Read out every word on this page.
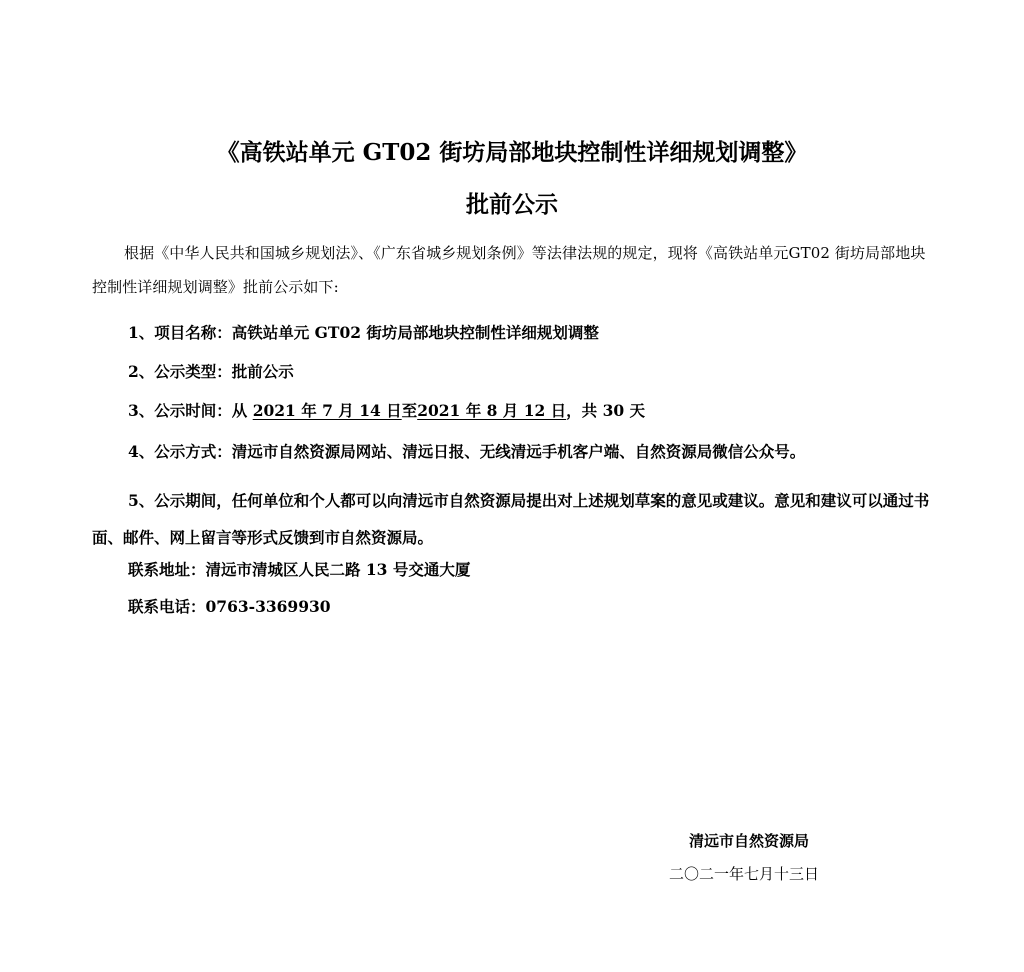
《高铁站单元 GT02 街坊局部地块控制性详细规划调整》
批前公示
根据《中华人民共和国城乡规划法》、《广东省城乡规划条例》等法律法规的规定，现将《高铁站单元GT02 街坊局部地块控制性详细规划调整》批前公示如下:
1、项目名称：高铁站单元 GT02 街坊局部地块控制性详细规划调整
2、公示类型：批前公示
3、公示时间：从 2021 年 7 月 14 日至2021 年 8 月 12 日，共 30 天
4、公示方式：清远市自然资源局网站、清远日报、无线清远手机客户端、自然资源局微信公众号。
5、公示期间，任何单位和个人都可以向清远市自然资源局提出对上述规划草案的意见或建议。意见和建议可以通过书面、邮件、网上留言等形式反馈到市自然资源局。
联系地址：清远市清城区人民二路 13 号交通大厦
联系电话：0763-3369930
清远市自然资源局
二〇二一年七月十三日
